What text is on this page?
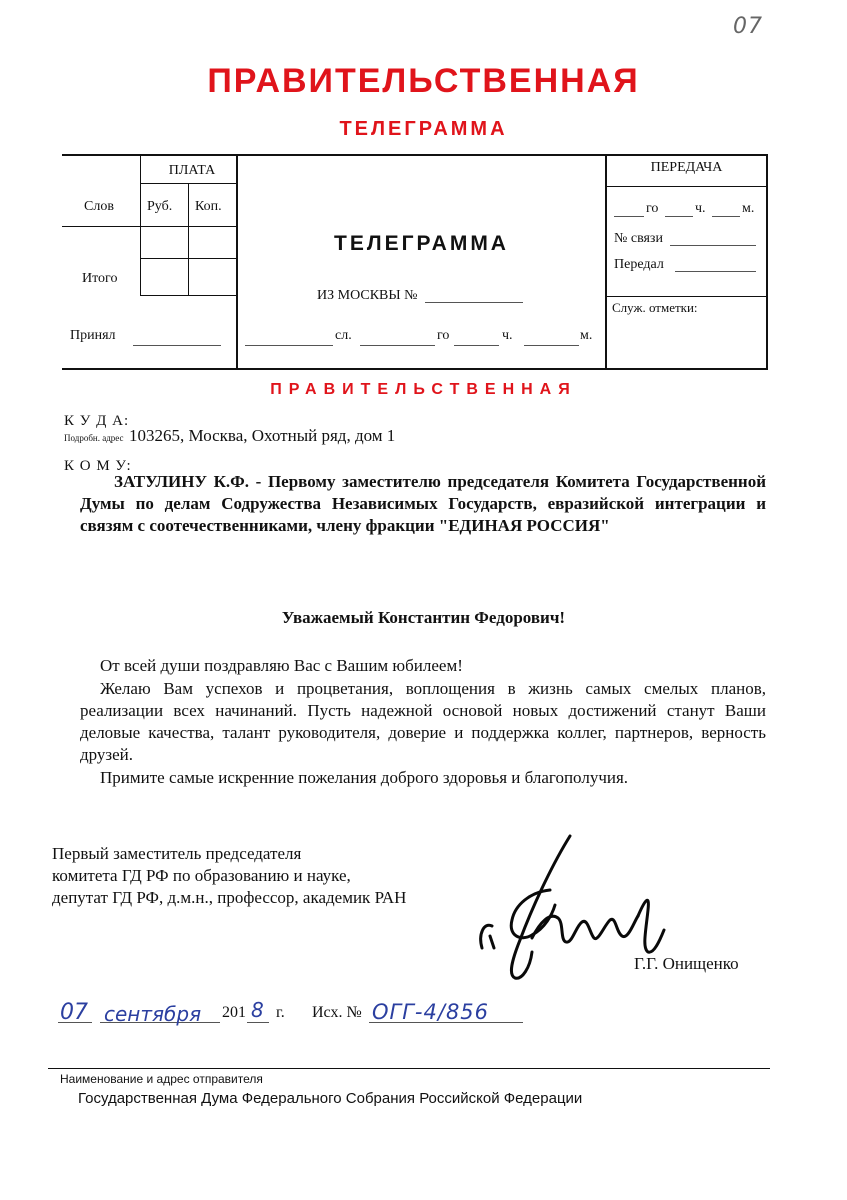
07
ПРАВИТЕЛЬСТВЕННАЯ
ТЕЛЕГРАММА
ПЛАТА
Слов Руб. Коп.
Итого
Принял
ТЕЛЕГРАММА
ИЗ МОСКВЫ №
сл.	го	ч.	м.
ПЕРЕДАЧА
го	ч.	м.
№ связи
Передал
Служ. отметки:
ПРАВИТЕЛЬСТВЕННАЯ
К У Д А:
Подробн. адрес 103265, Москва, Охотный ряд, дом 1
К О М У:
ЗАТУЛИНУ К.Ф. - Первому заместителю председателя Комитета Государственной Думы по делам Содружества Независимых Государств, евразийской интеграции и связям с соотечественниками, члену фракции "ЕДИНАЯ РОССИЯ"
Уважаемый Константин Федорович!
От всей души поздравляю Вас с Вашим юбилеем!
Желаю Вам успехов и процветания, воплощения в жизнь самых смелых планов, реализации всех начинаний. Пусть надежной основой новых достижений станут Ваши деловые качества, талант руководителя, доверие и поддержка коллег, партнеров, верность друзей.
Примите самые искренние пожелания доброго здоровья и благополучия.
Первый заместитель председателя
комитета ГД РФ по образованию и науке,
депутат ГД РФ, д.м.н., профессор, академик РАН
Г.Г. Онищенко
07 сентября 201 8 г. Исх. № ОГГ-4/856
Наименование и адрес отправителя
Государственная Дума Федерального Собрания Российской Федерации
